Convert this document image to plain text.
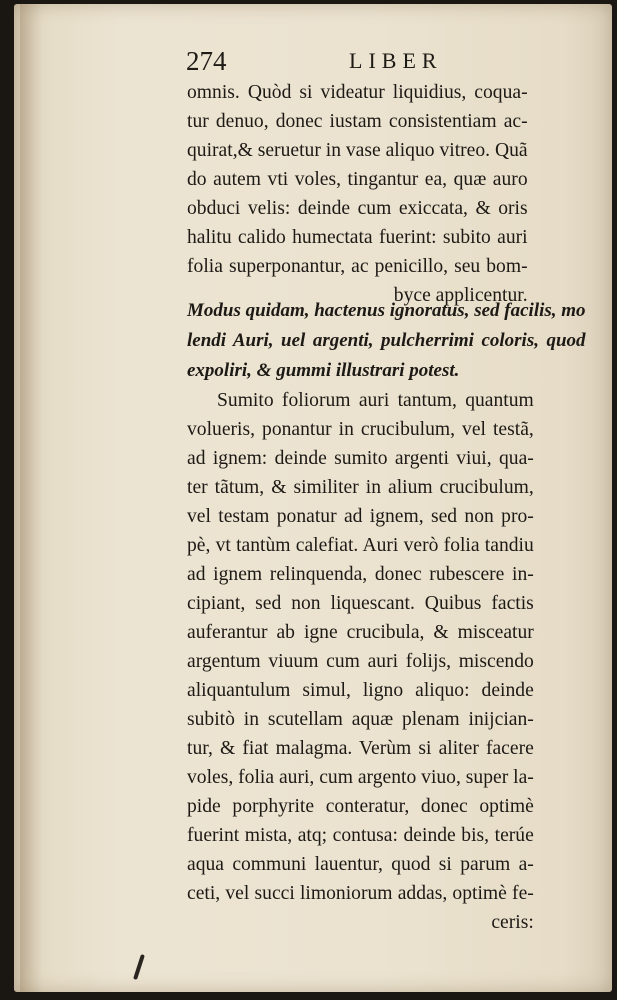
274	LIBER
omnis. Quòd si videatur liquidius, coqua-
tur denuo, donec iustam consistentiam ac-
quirat,& seruetur in vase aliquo vitreo. Quã
do autem vti voles, tingantur ea, quæ auro
obduci velis: deinde cum exiccata, & oris
halitu calido humectata fuerint: subito auri
folia superponantur, ac penicillo, seu bom-
byce applicentur.
Modus quidam, hactenus ignoratus, sed facilis, mo
lendi Auri, uel argenti, pulcherrimi coloris, quod
expoliri, & gummi illustrari potest.
Sumito foliorum auri tantum, quantum
volueris, ponantur in crucibulum, vel testã,
ad ignem: deinde sumito argenti viui, qua-
ter tãtum, & similiter in alium crucibulum,
vel testam ponatur ad ignem, sed non pro-
pè, vt tantùm calefiat. Auri verò folia tandiu
ad ignem relinquenda, donec rubescere in-
cipiant, sed non liquescant. Quibus factis
auferantur ab igne crucibula, & misceatur
argentum viuum cum auri folijs, miscendo
aliquantulum simul, ligno aliquo: deinde
subitò in scutellam aquæ plenam inijcian-
tur, & fiat malagma. Verùm si aliter facere
voles, folia auri, cum argento viuo, super la-
pide porphyrite conteratur, donec optimè
fuerint mista, atq; contusa: deinde bis, terúe
aqua communi lauentur, quod si parum a-
ceti, vel succi limoniorum addas, optimè fe-
ceris:
